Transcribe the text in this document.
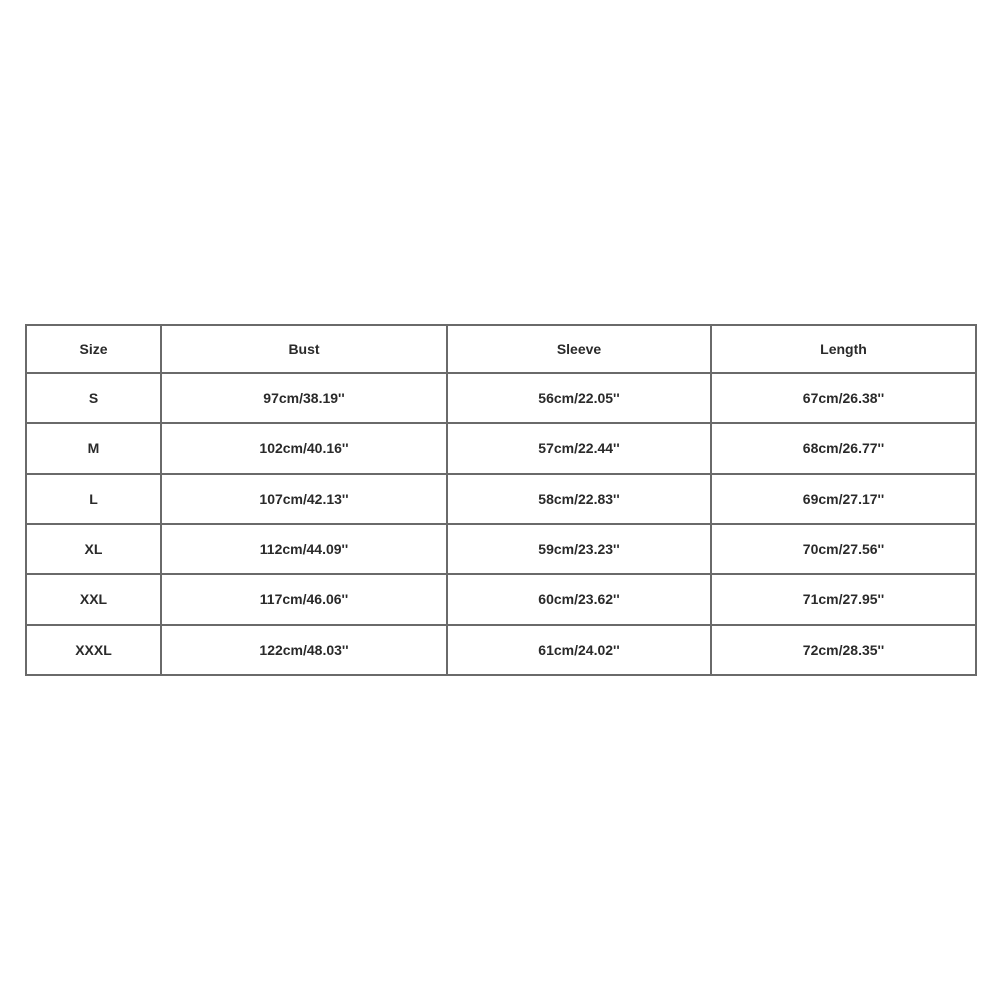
Size	Bust	Sleeve	Length
S	97cm/38.19''	56cm/22.05''	67cm/26.38''
M	102cm/40.16''	57cm/22.44''	68cm/26.77''
L	107cm/42.13''	58cm/22.83''	69cm/27.17''
XL	112cm/44.09''	59cm/23.23''	70cm/27.56''
XXL	117cm/46.06''	60cm/23.62''	71cm/27.95''
XXXL	122cm/48.03''	61cm/24.02''	72cm/28.35''
